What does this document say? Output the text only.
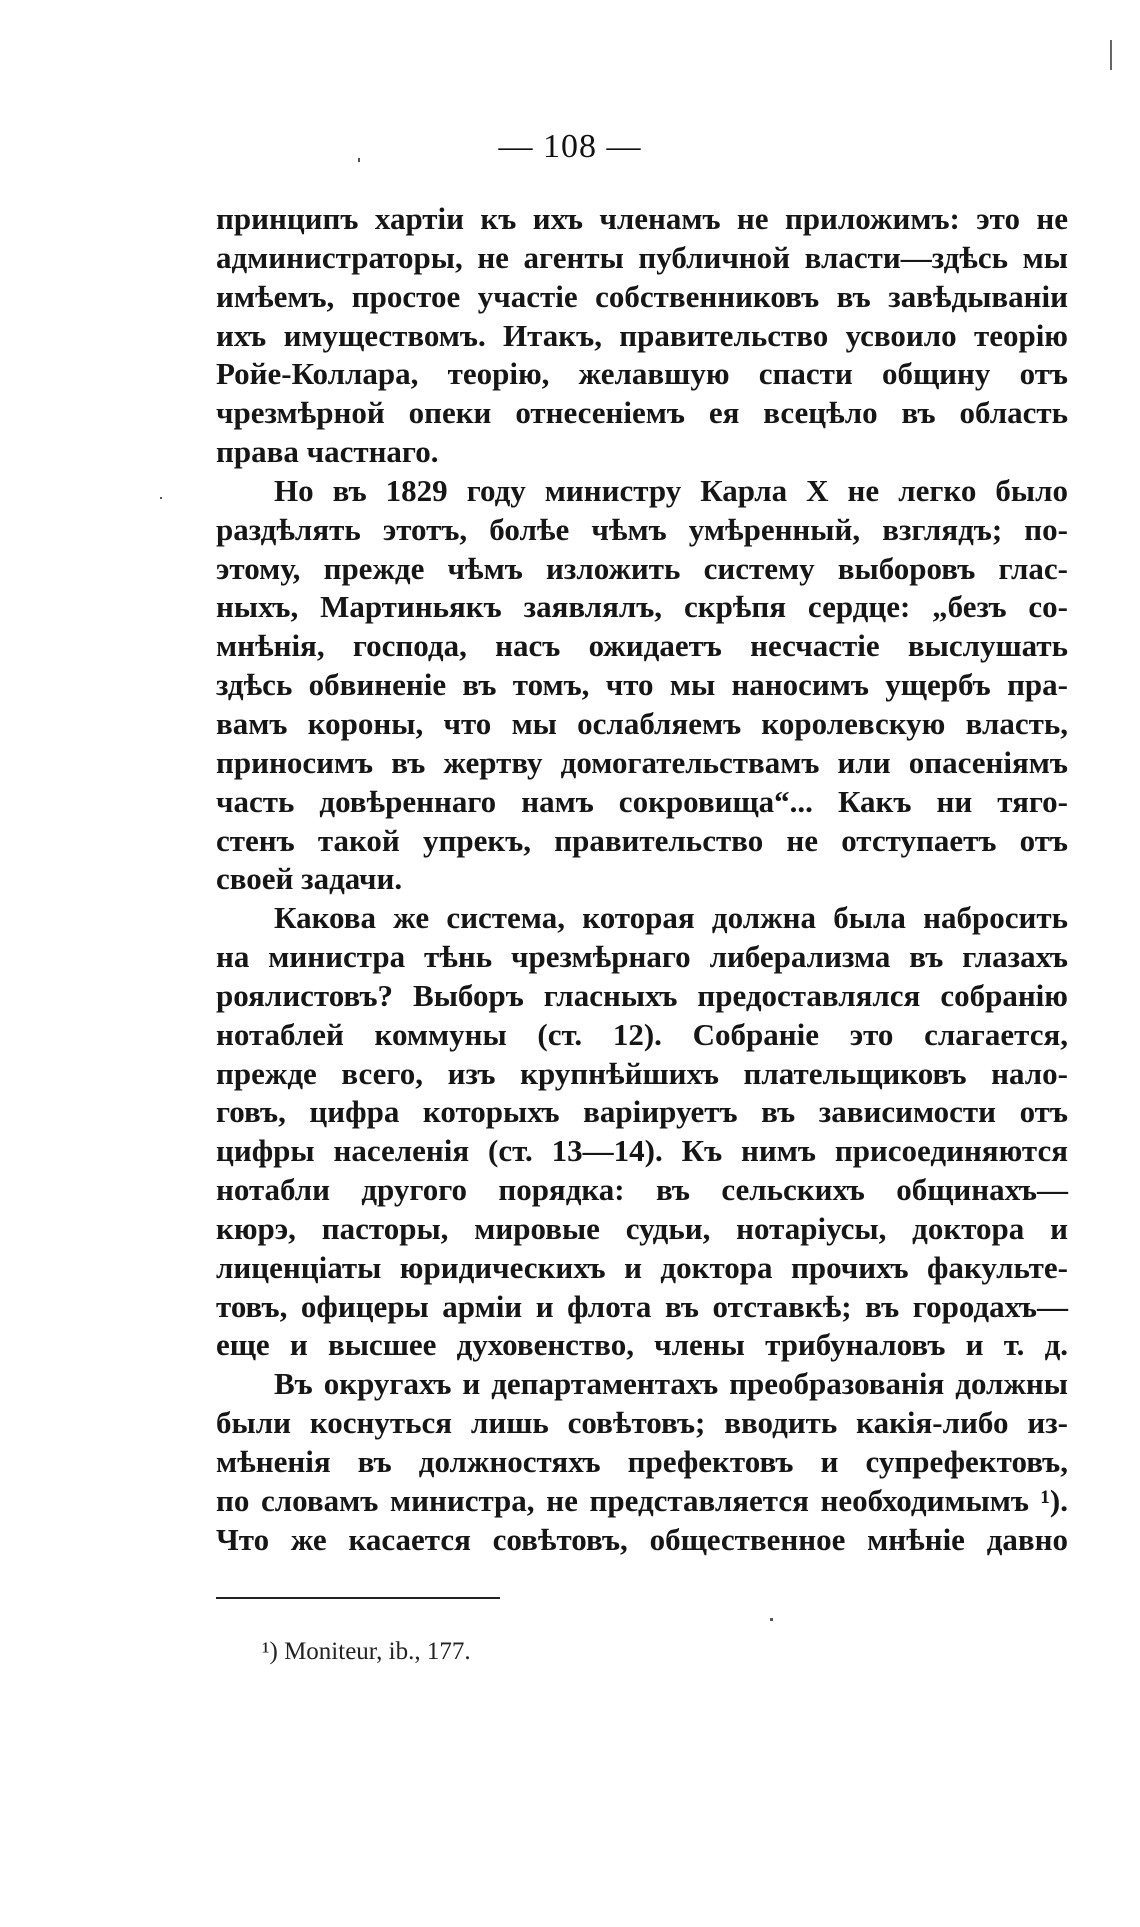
— 108 —
принципъ хартіи къ ихъ членамъ не приложимъ: это не
администраторы, не агенты публичной власти—здѣсь мы
имѣемъ, простое участіе собственниковъ въ завѣдываніи
ихъ имуществомъ. Итакъ, правительство усвоило теорію
Ройе-Коллара, теорію, желавшую спасти общину отъ
чрезмѣрной опеки отнесеніемъ ея всецѣло въ область
права частнаго.
Но въ 1829 году министру Карла X не легко было
раздѣлять этотъ, болѣе чѣмъ умѣренный, взглядъ; по-
этому, прежде чѣмъ изложить систему выборовъ глас-
ныхъ, Мартиньякъ заявлялъ, скрѣпя сердце: „безъ со-
мнѣнія, господа, насъ ожидаетъ несчастіе выслушать
здѣсь обвиненіе въ томъ, что мы наносимъ ущербъ пра-
вамъ короны, что мы ослабляемъ королевскую власть,
приносимъ въ жертву домогательствамъ или опасеніямъ
часть довѣреннаго намъ сокровища“... Какъ ни тяго-
стенъ такой упрекъ, правительство не отступаетъ отъ
своей задачи.
Какова же система, которая должна была набросить
на министра тѣнь чрезмѣрнаго либерализма въ глазахъ
роялистовъ? Выборъ гласныхъ предоставлялся собранію
нотаблей коммуны (ст. 12). Собраніе это слагается,
прежде всего, изъ крупнѣйшихъ плательщиковъ нало-
говъ, цифра которыхъ варіируетъ въ зависимости отъ
цифры населенія (ст. 13—14). Къ нимъ присоединяются
нотабли другого порядка: въ сельскихъ общинахъ—
кюрэ, пасторы, мировые судьи, нотаріусы, доктора и
лиценціаты юридическихъ и доктора прочихъ факульте-
товъ, офицеры арміи и флота въ отставкѣ; въ городахъ—
еще и высшее духовенство, члены трибуналовъ и т. д.
Въ округахъ и департаментахъ преобразованія должны
были коснуться лишь совѣтовъ; вводить какія-либо из-
мѣненія въ должностяхъ префектовъ и супрефектовъ,
по словамъ министра, не представляется необходимымъ ¹).
Что же касается совѣтовъ, общественное мнѣніе давно
¹) Moniteur, ib., 177.
